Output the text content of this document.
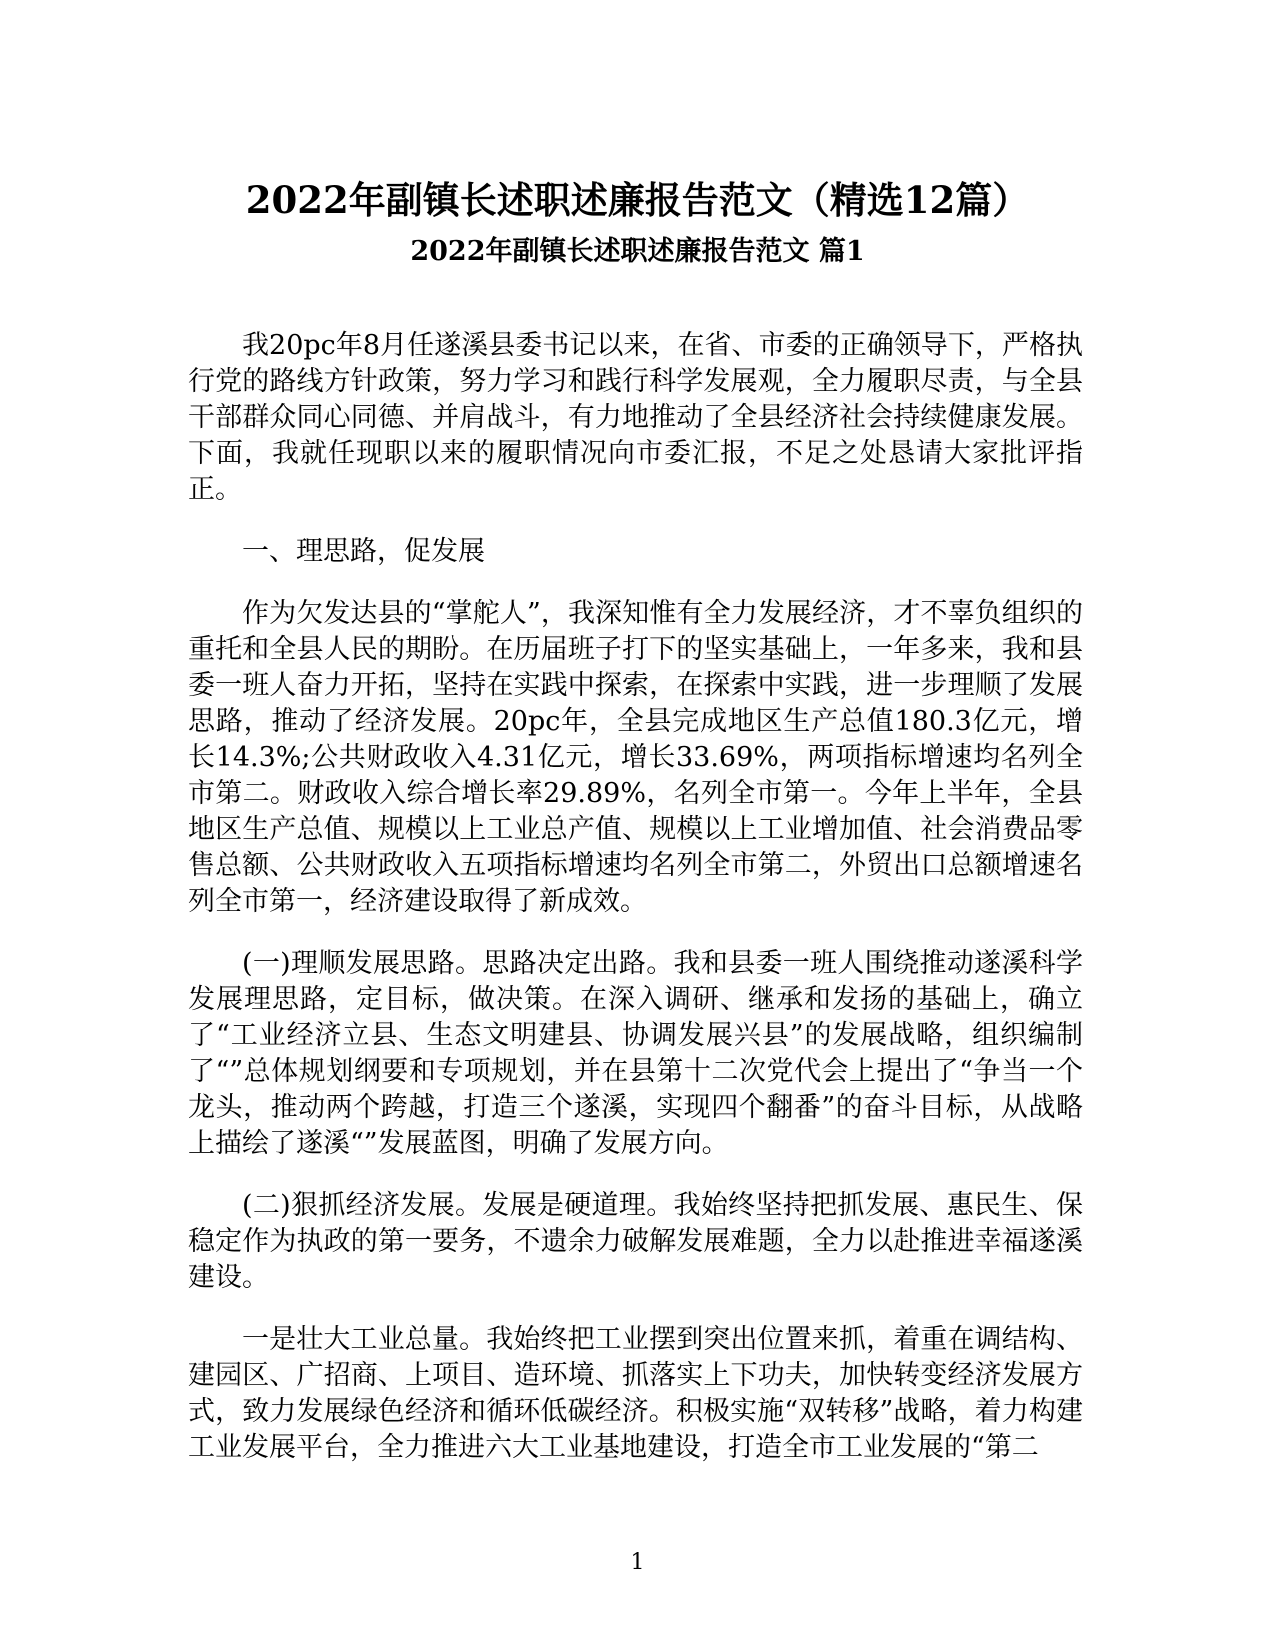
2022年副镇长述职述廉报告范文（精选12篇）
2022年副镇长述职述廉报告范文 篇1

我20pc年8月任遂溪县委书记以来，在省、市委的正确领导下，严格执行党的路线方针政策，努力学习和践行科学发展观，全力履职尽责，与全县干部群众同心同德、并肩战斗，有力地推动了全县经济社会持续健康发展。下面，我就任现职以来的履职情况向市委汇报，不足之处恳请大家批评指正。

一、理思路，促发展

作为欠发达县的“掌舵人”，我深知惟有全力发展经济，才不辜负组织的重托和全县人民的期盼。在历届班子打下的坚实基础上，一年多来，我和县委一班人奋力开拓，坚持在实践中探索，在探索中实践，进一步理顺了发展思路，推动了经济发展。20pc年，全县完成地区生产总值180.3亿元，增长14.3%;公共财政收入4.31亿元，增长33.69%，两项指标增速均名列全市第二。财政收入综合增长率29.89%，名列全市第一。今年上半年，全县地区生产总值、规模以上工业总产值、规模以上工业增加值、社会消费品零售总额、公共财政收入五项指标增速均名列全市第二，外贸出口总额增速名列全市第一，经济建设取得了新成效。

(一)理顺发展思路。思路决定出路。我和县委一班人围绕推动遂溪科学发展理思路，定目标，做决策。在深入调研、继承和发扬的基础上，确立了“工业经济立县、生态文明建县、协调发展兴县”的发展战略，组织编制了“”总体规划纲要和专项规划，并在县第十二次党代会上提出了“争当一个龙头，推动两个跨越，打造三个遂溪，实现四个翻番”的奋斗目标，从战略上描绘了遂溪“”发展蓝图，明确了发展方向。

(二)狠抓经济发展。发展是硬道理。我始终坚持把抓发展、惠民生、保稳定作为执政的第一要务，不遗余力破解发展难题，全力以赴推进幸福遂溪建设。

一是壮大工业总量。我始终把工业摆到突出位置来抓，着重在调结构、建园区、广招商、上项目、造环境、抓落实上下功夫，加快转变经济发展方式，致力发展绿色经济和循环低碳经济。积极实施“双转移”战略，着力构建工业发展平台，全力推进六大工业基地建设，打造全市工业发展的“第二

1
